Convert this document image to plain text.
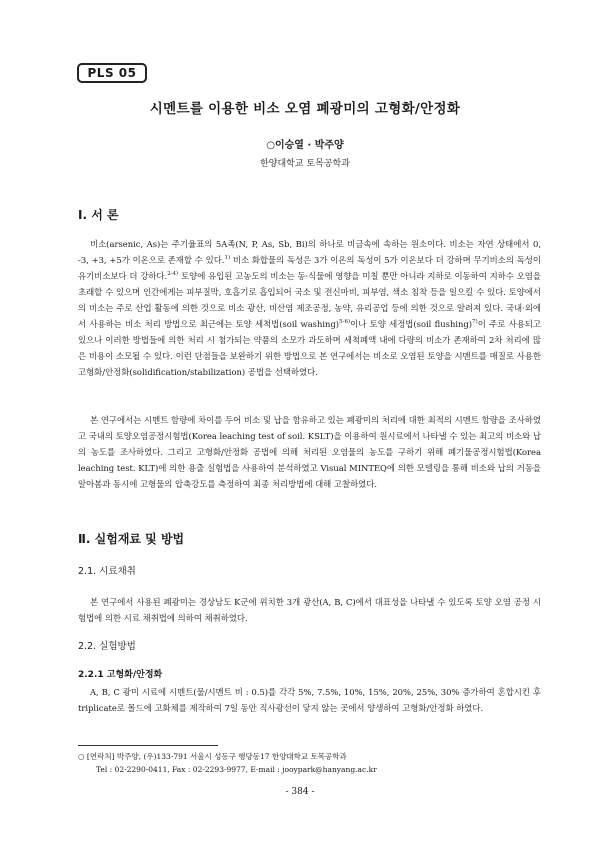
PLS 05
시멘트를 이용한 비소 오염 폐광미의 고형화/안정화
○이승열 · 박주양
한양대학교 토목공학과
Ⅰ. 서 론

비소(arsenic, As)는 주기율표의 5A족(N, P, As, Sb, Bi)의 하나로 비금속에 속하는 원소이다. 비소는 자연 상태에서 0, -3, +3, +5가 이온으로 존재할 수 있다.$^{1)}$ 비소 화합물의 독성은 3가 이온의 독성이 5가 이온보다 더 강하며 무기비소의 독성이 유기비소보다 더 강하다.$^{2-4)}$ 토양에 유입된 고농도의 비소는 동·식물에 영향을 미칠 뿐만 아니라 지하로 이동하여 지하수 오염을 초래할 수 있으며 인간에게는 피부질막, 호흡기로 흡입되어 국소 및 전신마비, 피부염, 색소 침착 등을 일으킬 수 있다. 토양에서의 비소는 주로 산업 활동에 의한 것으로 비소 광산, 비산염 제조공정, 농약, 유리공업 등에 의한 것으로 알려져 있다. 국내·외에서 사용하는 비소 처리 방법으로 최근에는 토양 세척법(soil washing)$^{5-6)}$이나 토양 세정법(soil flushing)$^{7)}$이 주로 사용되고 있으나 이러한 방법들에 의한 처리 시 첨가되는 약품의 소모가 과도하며 세척폐액 내에 다량의 비소가 존재하여 2차 처리에 많은 비용이 소모될 수 있다. 이런 단점들을 보완하기 위한 방법으로 본 연구에서는 비소로 오염된 토양을 시멘트를 매질로 사용한 고형화/안정화(solidification/stabilization) 공법을 선택하였다.

본 연구에서는 시멘트 함량에 차이를 두어 비소 및 납을 함유하고 있는 폐광미의 처리에 대한 최적의 시멘트 함량을 조사하였고 국내의 토양오염공정시험법(Korea leaching test of soil. KSLT)을 이용하여 원시료에서 나타낼 수 있는 최고의 비소와 납의 농도를 조사하였다. 그리고 고형화/안정화 공법에 의해 처리된 오염물의 농도를 구하기 위해 폐기물공정시험법(Korea leaching test. KLT)에 의한 용출 실험법을 사용하여 분석하였고 Visual MINTEQ에 의한 모델링을 통해 비소와 납의 거동을 알아봄과 동시에 고형물의 압축강도를 측정하여 최종 처리방법에 대해 고찰하였다.

Ⅱ. 실험재료 및 방법
2.1. 시료채취

본 연구에서 사용된 폐광미는 경상남도 K군에 위치한 3개 광산(A, B, C)에서 대표성을 나타낼 수 있도록 토양 오염 공정 시험법에 의한 시료 채취법에 의하여 채취하였다.

2.2. 실험방법
2.2.1 고형화/안정화

A, B, C 광미 시료에 시멘트(물/시멘트 비 : 0.5)를 각각 5%, 7.5%, 10%, 15%, 20%, 25%, 30% 증가하여 혼합시킨 후 triplicate로 몰드에 고화체를 제작하여 7일 동안 직사광선이 닿지 않는 곳에서 양생하여 고형화/안정화 하였다.

○ [연락처] 박주양, (우)133-791 서울시 성동구 행당동17 한양대학교 토목공학과
Tel : 02-2290-0411, Fax : 02-2293-9977, E-mail : jooypark@hanyang.ac.kr
- 384 -
